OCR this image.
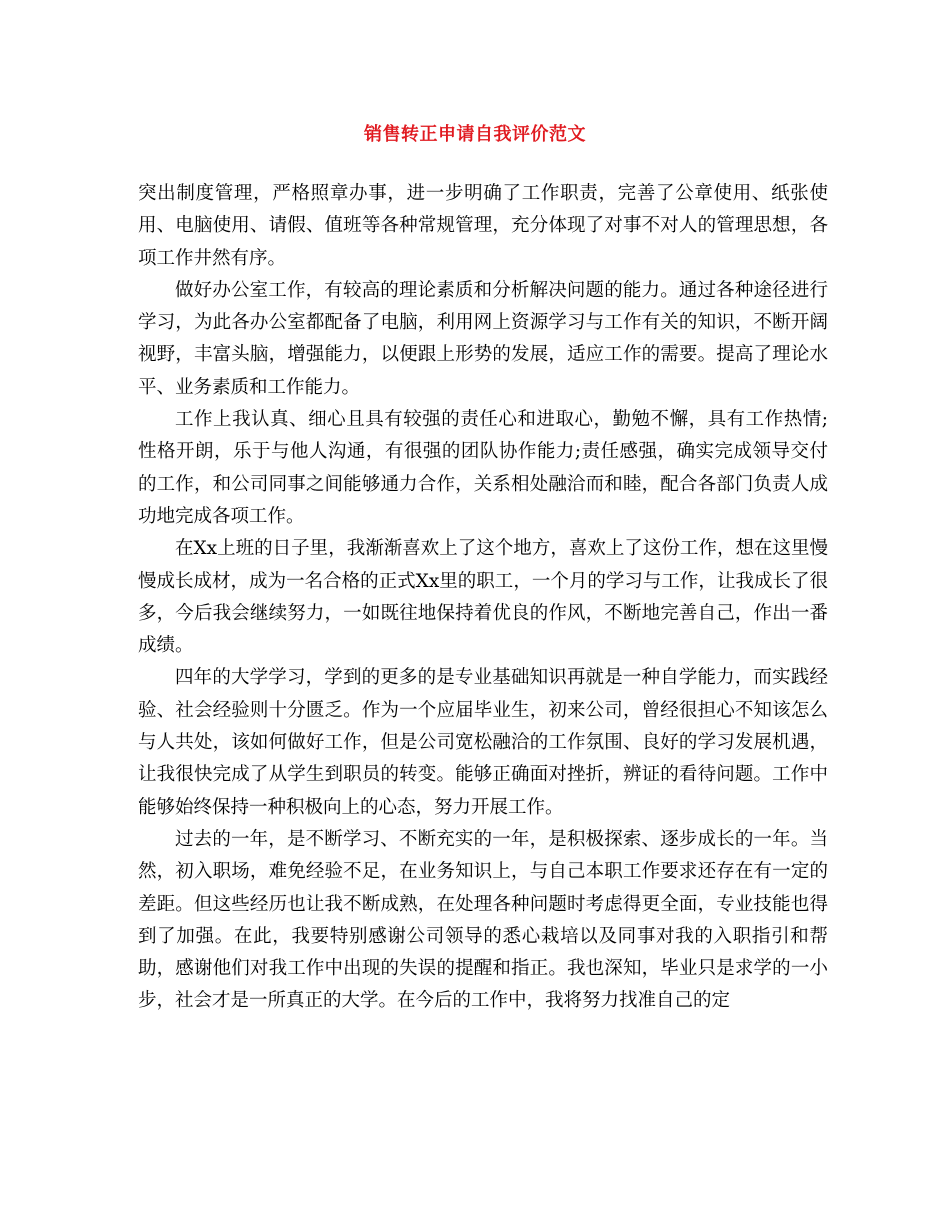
销售转正申请自我评价范文

突出制度管理，严格照章办事，进一步明确了工作职责，完善了公章使用、纸张使用、电脑使用、请假、值班等各种常规管理，充分体现了对事不对人的管理思想，各项工作井然有序。

做好办公室工作，有较高的理论素质和分析解决问题的能力。通过各种途径进行学习，为此各办公室都配备了电脑，利用网上资源学习与工作有关的知识，不断开阔视野，丰富头脑，增强能力，以便跟上形势的发展，适应工作的需要。提高了理论水平、业务素质和工作能力。

工作上我认真、细心且具有较强的责任心和进取心，勤勉不懈，具有工作热情;性格开朗，乐于与他人沟通，有很强的团队协作能力;责任感强，确实完成领导交付的工作，和公司同事之间能够通力合作，关系相处融洽而和睦，配合各部门负责人成功地完成各项工作。

在Xx上班的日子里，我渐渐喜欢上了这个地方，喜欢上了这份工作，想在这里慢慢成长成材，成为一名合格的正式Xx里的职工，一个月的学习与工作，让我成长了很多，今后我会继续努力，一如既往地保持着优良的作风，不断地完善自己，作出一番成绩。

四年的大学学习，学到的更多的是专业基础知识再就是一种自学能力，而实践经验、社会经验则十分匮乏。作为一个应届毕业生，初来公司，曾经很担心不知该怎么与人共处，该如何做好工作，但是公司宽松融洽的工作氛围、良好的学习发展机遇，让我很快完成了从学生到职员的转变。能够正确面对挫折，辨证的看待问题。工作中能够始终保持一种积极向上的心态，努力开展工作。

过去的一年，是不断学习、不断充实的一年，是积极探索、逐步成长的一年。当然，初入职场，难免经验不足，在业务知识上，与自己本职工作要求还存在有一定的差距。但这些经历也让我不断成熟，在处理各种问题时考虑得更全面，专业技能也得到了加强。在此，我要特别感谢公司领导的悉心栽培以及同事对我的入职指引和帮助，感谢他们对我工作中出现的失误的提醒和指正。我也深知，毕业只是求学的一小步，社会才是一所真正的大学。在今后的工作中，我将努力找准自己的定
